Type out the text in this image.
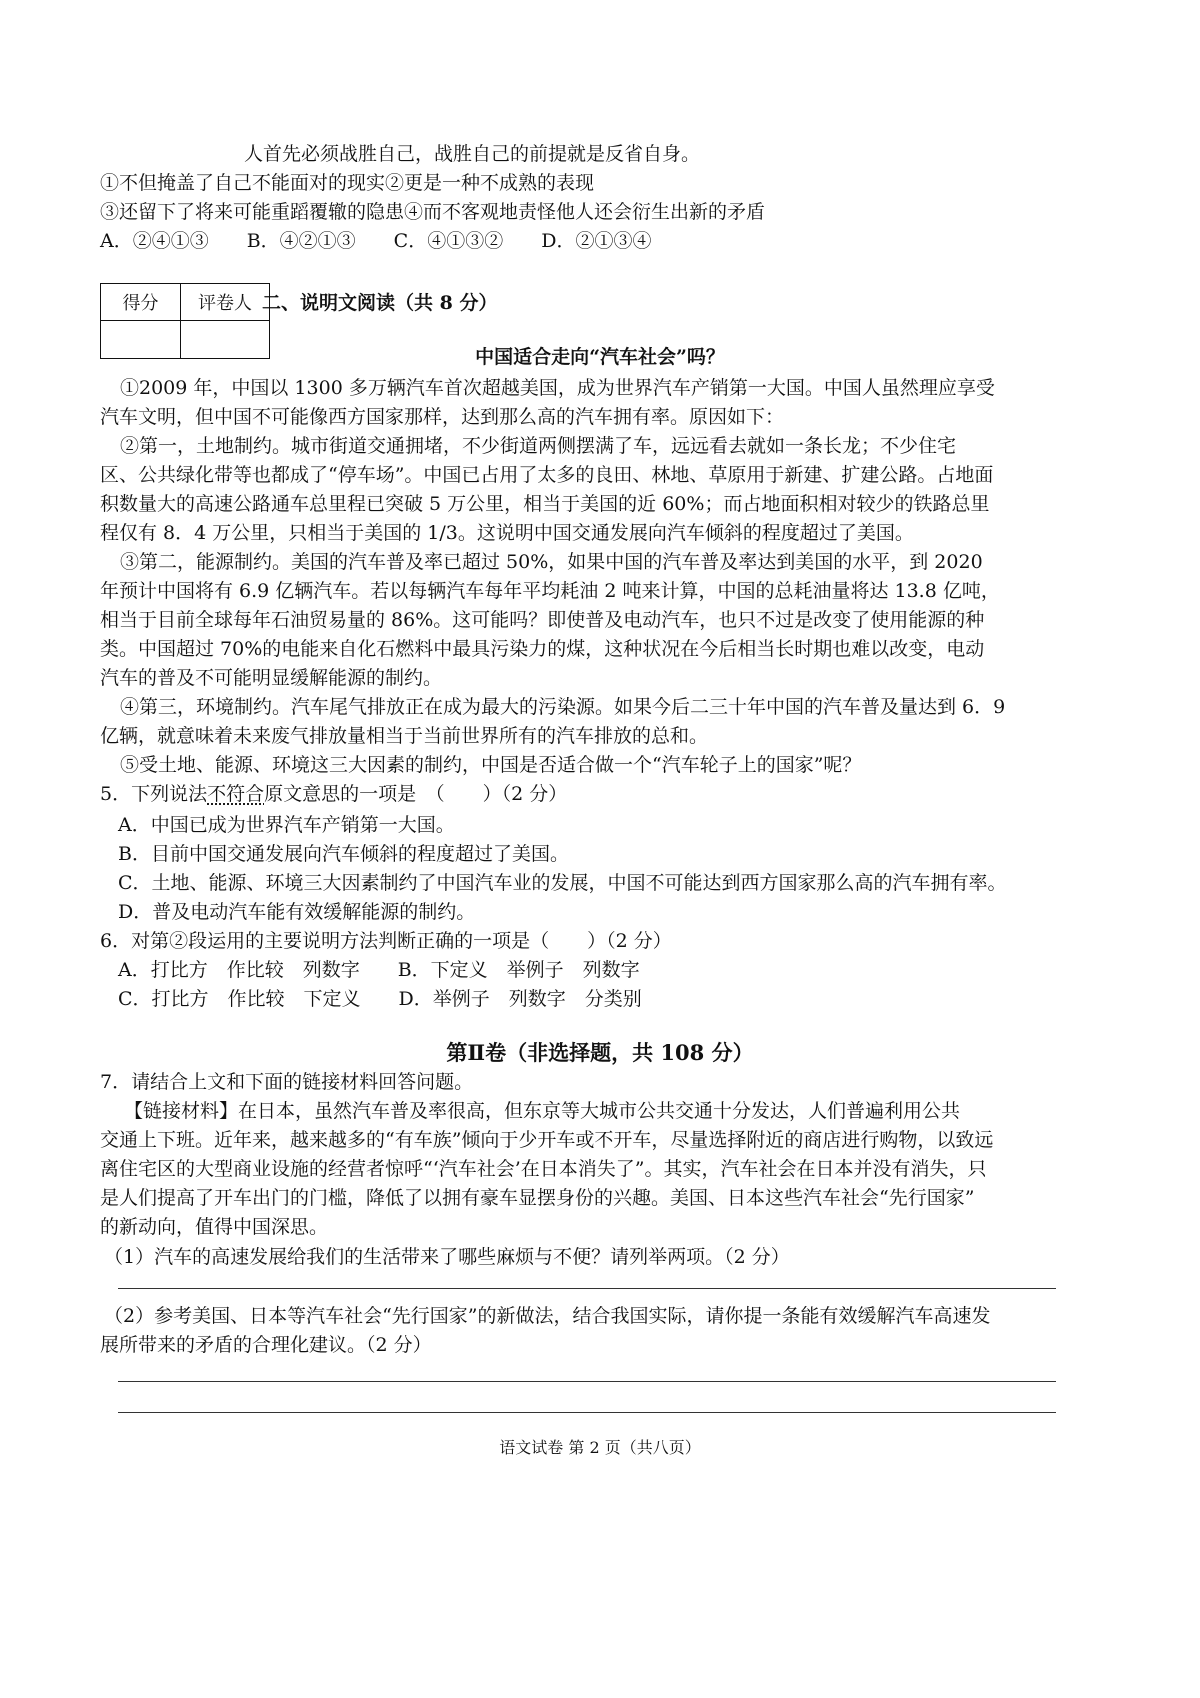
人首先必须战胜自己，战胜自己的前提就是反省自身。
①不但掩盖了自己不能面对的现实②更是一种不成熟的表现
③还留下了将来可能重蹈覆辙的隐患④而不客观地责怪他人还会衍生出新的矛盾
A．②④①③　　B．④②①③　　C．④①③②　　D．②①③④
得分	评卷人
	二、说明文阅读（共 8 分）
中国适合走向“汽车社会”吗？
①2009 年，中国以 1300 多万辆汽车首次超越美国，成为世界汽车产销第一大国。中国人虽然理应享受
汽车文明，但中国不可能像西方国家那样，达到那么高的汽车拥有率。原因如下：
②第一，土地制约。城市街道交通拥堵，不少街道两侧摆满了车，远远看去就如一条长龙；不少住宅
区、公共绿化带等也都成了“停车场”。中国已占用了太多的良田、林地、草原用于新建、扩建公路。占地面
积数量大的高速公路通车总里程已突破 5 万公里，相当于美国的近 60%；而占地面积相对较少的铁路总里
程仅有 8．4 万公里，只相当于美国的 1/3。这说明中国交通发展向汽车倾斜的程度超过了美国。
③第二，能源制约。美国的汽车普及率已超过 50%，如果中国的汽车普及率达到美国的水平，到 2020
年预计中国将有 6.9 亿辆汽车。若以每辆汽车每年平均耗油 2 吨来计算，中国的总耗油量将达 13.8 亿吨，
相当于目前全球每年石油贸易量的 86%。这可能吗？即使普及电动汽车，也只不过是改变了使用能源的种
类。中国超过 70%的电能来自化石燃料中最具污染力的煤，这种状况在今后相当长时期也难以改变，电动
汽车的普及不可能明显缓解能源的制约。
④第三，环境制约。汽车尾气排放正在成为最大的污染源。如果今后二三十年中国的汽车普及量达到 6．9
亿辆，就意味着未来废气排放量相当于当前世界所有的汽车排放的总和。
⑤受土地、能源、环境这三大因素的制约，中国是否适合做一个“汽车轮子上的国家”呢？
5．下列说法不符合原文意思的一项是　（　　）（2 分）
A．中国已成为世界汽车产销第一大国。
B．目前中国交通发展向汽车倾斜的程度超过了美国。
C．土地、能源、环境三大因素制约了中国汽车业的发展，中国不可能达到西方国家那么高的汽车拥有率。
D．普及电动汽车能有效缓解能源的制约。
6．对第②段运用的主要说明方法判断正确的一项是（　　）（2 分）
A．打比方　作比较　列数字　　B．下定义　举例子　列数字
C．打比方　作比较　下定义　　D．举例子　列数字　分类别
第Ⅱ卷（非选择题，共 108 分）
7．请结合上文和下面的链接材料回答问题。
【链接材料】在日本，虽然汽车普及率很高，但东京等大城市公共交通十分发达，人们普遍利用公共
交通上下班。近年来，越来越多的“有车族”倾向于少开车或不开车，尽量选择附近的商店进行购物，以致远
离住宅区的大型商业设施的经营者惊呼“‘汽车社会’在日本消失了”。其实，汽车社会在日本并没有消失，只
是人们提高了开车出门的门槛，降低了以拥有豪车显摆身份的兴趣。美国、日本这些汽车社会“先行国家”
的新动向，值得中国深思。
（1）汽车的高速发展给我们的生活带来了哪些麻烦与不便？请列举两项。（2 分）
（2）参考美国、日本等汽车社会“先行国家”的新做法，结合我国实际，请你提一条能有效缓解汽车高速发
展所带来的矛盾的合理化建议。（2 分）
语文试卷 第 2 页（共八页）
